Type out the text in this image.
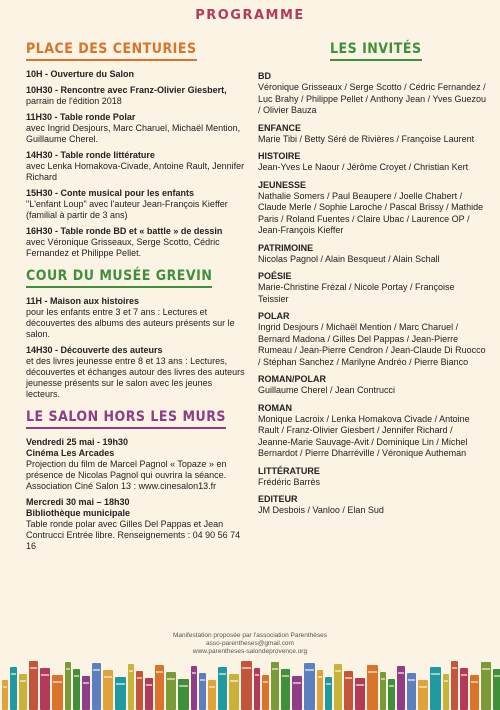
PROGRAMME
PLACE DES CENTURIES
10H - Ouverture du Salon
10H30 - Rencontre avec Franz-Olivier Giesbert,
parrain de l'édition 2018
11H30 - Table ronde Polar
avec Ingrid Desjours, Marc Charuel, Michaël Mention, Guillaume Cherel.
14H30 - Table ronde littérature
avec Lenka Homakova-Civade, Antoine Rault, Jennifer Richard
15H30 - Conte musical pour les enfants
"L'enfant Loup" avec l'auteur Jean-François Kieffer (familial à partir de 3 ans)
16H30 - Table ronde BD et « battle » de dessin
avec Véronique Grisseaux, Serge Scotto, Cédric Fernandez et Philippe Pellet.
COUR DU MUSÉE GREVIN
11H - Maison aux histoires
pour les enfants entre 3 et 7 ans : Lectures et découvertes des albums des auteurs présents sur le salon.
14H30 - Découverte des auteurs
et des livres jeunesse entre 8 et 13 ans : Lectures, découvertes et échanges autour des livres des auteurs jeunesse présents sur le salon avec les jeunes lecteurs.
LE SALON HORS LES MURS
Vendredi 25 mai - 19h30
Cinéma Les Arcades
Projection du film de Marcel Pagnol « Topaze » en présence de Nicolas Pagnol qui ouvrira la séance. Association Ciné Salon 13 : www.cinesalon13.fr
Mercredi 30 mai – 18h30
Bibliothèque municipale
Table ronde polar avec Gilles Del Pappas et Jean Contrucci Entrée libre. Renseignements : 04 90 56 74 16
LES INVITÉS
BD
Véronique Grisseaux / Serge Scotto / Cédric Fernandez / Luc Brahy / Philippe Pellet / Anthony Jean / Yves Guezou / Olivier Bauza
ENFANCE
Marie Tibi / Betty Séré de Rivières / Françoise Laurent
HISTOIRE
Jean-Yves Le Naour / Jérôme Croyet / Christian Kert
JEUNESSE
Nathalie Somers / Paul Beaupere / Joelle Chabert / Claude Merle / Sophie Laroche / Pascal Brissy / Mathide Paris / Roland Fuentes / Claire Ubac / Laurence OP / Jean-François Kieffer
PATRIMOINE
Nicolas Pagnol / Alain Besqueut / Alain Schall
POÉSIE
Marie-Christine Frézal / Nicole Portay / Françoise Teissier
POLAR
Ingrid Desjours / Michaël Mention / Marc Charuel / Bernard Madona / Gilles Del Pappas / Jean-Pierre Rumeau / Jean-Pierre Cendron / Jean-Claude Di Ruocco / Stéphan Sanchez / Marilyne Andréo / Pierre Bianco
ROMAN/POLAR
Guillaume Cherel / Jean Contrucci
ROMAN
Monique Lacroix / Lenka Homakova Civade / Antoine Rault / Franz-Olivier Giesbert / Jennifer Richard / Jeanne-Marie Sauvage-Avit / Dominique Lin / Michel Bernardot / Pierre Dharréville / Véronique Autheman
LITTÉRATURE
Frédéric Barrès
EDITEUR
JM Desbois / Vanloo / Elan Sud
Manifestation proposée par l'association Parenthèses
asso-parentheses@gmail.com
www.parentheses-salondeprovence.org
